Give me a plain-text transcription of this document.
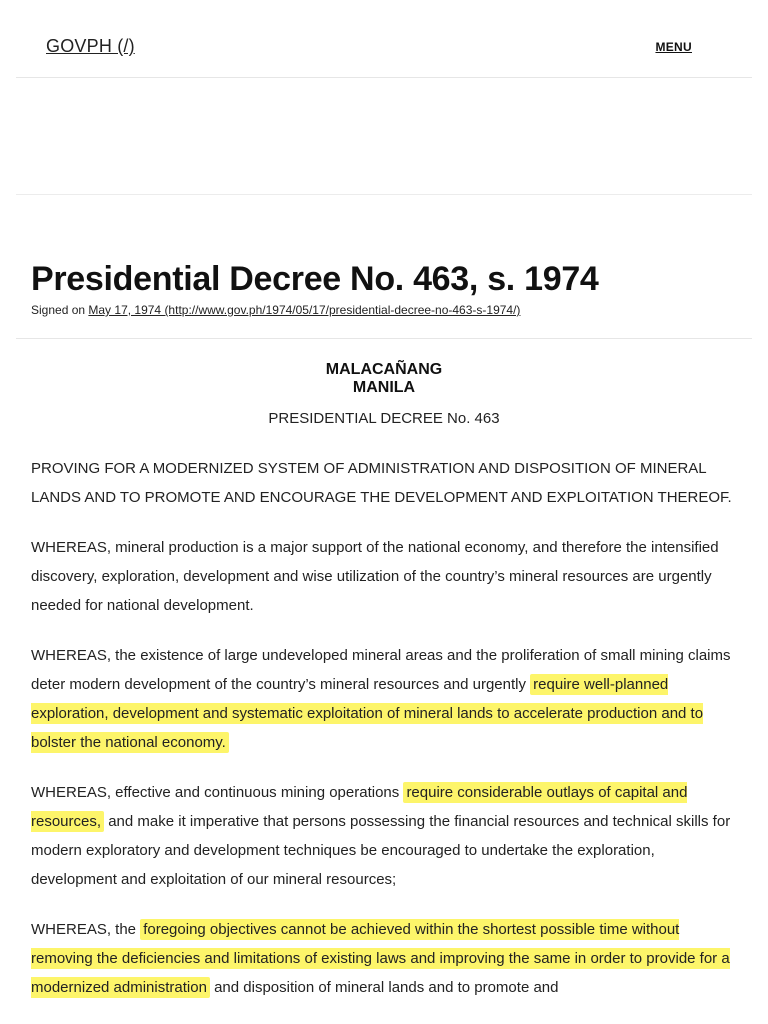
GOVPH (/)	MENU
Presidential Decree No. 463, s. 1974
Signed on May 17, 1974 (http://www.gov.ph/1974/05/17/presidential-decree-no-463-s-1974/)
MALACAÑANG
MANILA
PRESIDENTIAL DECREE No. 463

PROVING FOR A MODERNIZED SYSTEM OF ADMINISTRATION AND DISPOSITION OF MINERAL LANDS AND TO PROMOTE AND ENCOURAGE THE DEVELOPMENT AND EXPLOITATION THEREOF.

WHEREAS, mineral production is a major support of the national economy, and therefore the intensified discovery, exploration, development and wise utilization of the country’s mineral resources are urgently needed for national development.

WHEREAS, the existence of large undeveloped mineral areas and the proliferation of small mining claims deter modern development of the country’s mineral resources and urgently require well-planned exploration, development and systematic exploitation of mineral lands to accelerate production and to bolster the national economy.

WHEREAS, effective and continuous mining operations require considerable outlays of capital and resources, and make it imperative that persons possessing the financial resources and technical skills for modern exploratory and development techniques be encouraged to undertake the exploration, development and exploitation of our mineral resources;

WHEREAS, the foregoing objectives cannot be achieved within the shortest possible time without removing the deficiencies and limitations of existing laws and improving the same in order to provide for a modernized administration and disposition of mineral lands and to promote and
